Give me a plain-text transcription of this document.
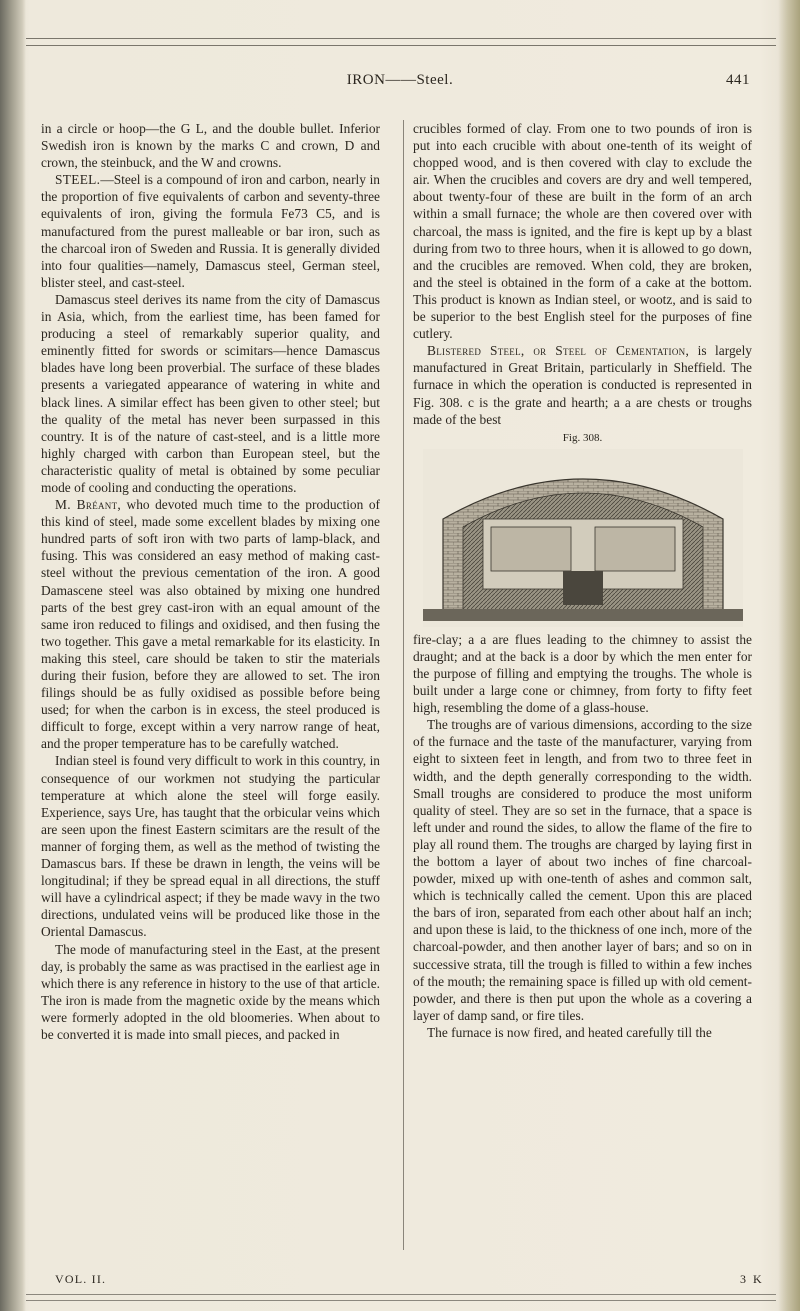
IRON——Steel.	441

in a circle or hoop—the G L, and the double bullet. Inferior Swedish iron is known by the marks C and crown, D and crown, the steinbuck, and the W and crowns.

STEEL.—Steel is a compound of iron and carbon, nearly in the proportion of five equivalents of carbon and seventy-three equivalents of iron, giving the formula Fe73 C5, and is manufactured from the purest malleable or bar iron, such as the charcoal iron of Sweden and Russia. It is generally divided into four qualities—namely, Damascus steel, German steel, blister steel, and cast-steel.

Damascus steel derives its name from the city of Damascus in Asia, which, from the earliest time, has been famed for producing a steel of remarkably superior quality, and eminently fitted for swords or scimitars—hence Damascus blades have long been proverbial. The surface of these blades presents a variegated appearance of watering in white and black lines. A similar effect has been given to other steel; but the quality of the metal has never been surpassed in this country. It is of the nature of cast-steel, and is a little more highly charged with carbon than European steel, but the characteristic quality of metal is obtained by some peculiar mode of cooling and conducting the operations.

M. Bréant, who devoted much time to the production of this kind of steel, made some excellent blades by mixing one hundred parts of soft iron with two parts of lamp-black, and fusing. This was considered an easy method of making cast-steel without the previous cementation of the iron. A good Damascene steel was also obtained by mixing one hundred parts of the best grey cast-iron with an equal amount of the same iron reduced to filings and oxidised, and then fusing the two together. This gave a metal remarkable for its elasticity. In making this steel, care should be taken to stir the materials during their fusion, before they are allowed to set. The iron filings should be as fully oxidised as possible before being used; for when the carbon is in excess, the steel produced is difficult to forge, except within a very narrow range of heat, and the proper temperature has to be carefully watched.

Indian steel is found very difficult to work in this country, in consequence of our workmen not studying the particular temperature at which alone the steel will forge easily. Experience, says Ure, has taught that the orbicular veins which are seen upon the finest Eastern scimitars are the result of the manner of forging them, as well as the method of twisting the Damascus bars. If these be drawn in length, the veins will be longitudinal; if they be spread equal in all directions, the stuff will have a cylindrical aspect; if they be made wavy in the two directions, undulated veins will be produced like those in the Oriental Damascus.

The mode of manufacturing steel in the East, at the present day, is probably the same as was practised in the earliest age in which there is any reference in history to the use of that article. The iron is made from the magnetic oxide by the means which were formerly adopted in the old bloomeries. When about to be converted it is made into small pieces, and packed in

crucibles formed of clay. From one to two pounds of iron is put into each crucible with about one-tenth of its weight of chopped wood, and is then covered with clay to exclude the air. When the crucibles and covers are dry and well tempered, about twenty-four of these are built in the form of an arch within a small furnace; the whole are then covered over with charcoal, the mass is ignited, and the fire is kept up by a blast during from two to three hours, when it is allowed to go down, and the crucibles are removed. When cold, they are broken, and the steel is obtained in the form of a cake at the bottom. This product is known as Indian steel, or wootz, and is said to be superior to the best English steel for the purposes of fine cutlery.

Blistered Steel, or Steel of Cementation, is largely manufactured in Great Britain, particularly in Sheffield. The furnace in which the operation is conducted is represented in Fig. 308. c is the grate and hearth; a a are chests or troughs made of the best

Fig. 308.

fire-clay; a a are flues leading to the chimney to assist the draught; and at the back is a door by which the men enter for the purpose of filling and emptying the troughs. The whole is built under a large cone or chimney, from forty to fifty feet high, resembling the dome of a glass-house.

The troughs are of various dimensions, according to the size of the furnace and the taste of the manufacturer, varying from eight to sixteen feet in length, and from two to three feet in width, and the depth generally corresponding to the width. Small troughs are considered to produce the most uniform quality of steel. They are so set in the furnace, that a space is left under and round the sides, to allow the flame of the fire to play all round them. The troughs are charged by laying first in the bottom a layer of about two inches of fine charcoal-powder, mixed up with one-tenth of ashes and common salt, which is technically called the cement. Upon this are placed the bars of iron, separated from each other about half an inch; and upon these is laid, to the thickness of one inch, more of the charcoal-powder, and then another layer of bars; and so on in successive strata, till the trough is filled to within a few inches of the mouth; the remaining space is filled up with old cement-powder, and there is then put upon the whole as a covering a layer of damp sand, or fire tiles.

The furnace is now fired, and heated carefully till the

VOL. II.	3 K
